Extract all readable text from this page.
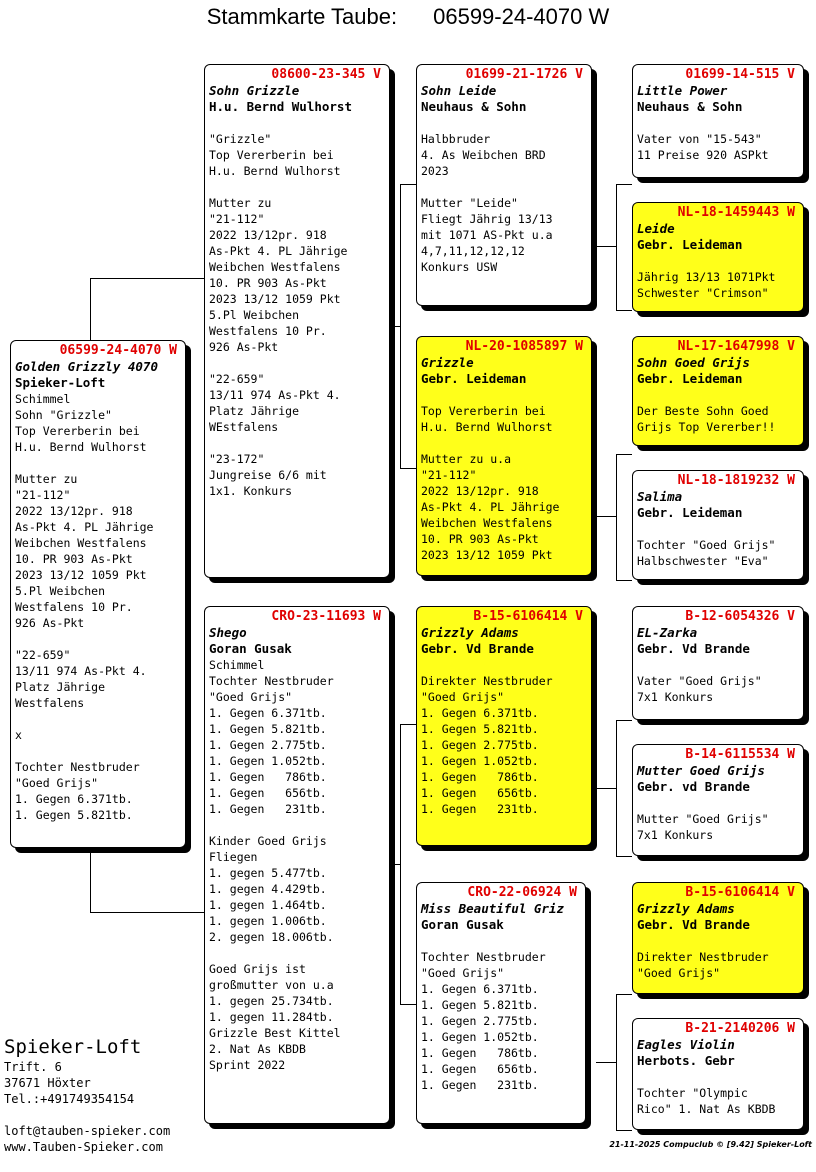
Stammkarte Taube: 06599-24-4070 W
06599-24-4070 W
Golden Grizzly 4070
Spieker-Loft
Schimmel
Sohn "Grizzle"
Top Vererberin bei
H.u. Bernd Wulhorst

Mutter zu
"21-112"
2022 13/12pr. 918
As-Pkt 4. PL Jährige
Weibchen Westfalens
10. PR 903 As-Pkt
2023 13/12 1059 Pkt
5.Pl Weibchen
Westfalens 10 Pr.
926 As-Pkt

"22-659"
13/11 974 As-Pkt 4.
Platz Jährige
Westfalens

x

Tochter Nestbruder
"Goed Grijs"
1. Gegen 6.371tb.
1. Gegen 5.821tb.
08600-23-345 V
Sohn Grizzle
H.u. Bernd Wulhorst

"Grizzle"
Top Vererberin bei
H.u. Bernd Wulhorst

Mutter zu
"21-112"
2022 13/12pr. 918
As-Pkt 4. PL Jährige
Weibchen Westfalens
10. PR 903 As-Pkt
2023 13/12 1059 Pkt
5.Pl Weibchen
Westfalens 10 Pr.
926 As-Pkt

"22-659"
13/11 974 As-Pkt 4.
Platz Jährige
WEstfalens

"23-172"
Jungreise 6/6 mit
1x1. Konkurs
CRO-23-11693 W
Shego
Goran Gusak
Schimmel
Tochter Nestbruder
"Goed Grijs"
1. Gegen 6.371tb.
1. Gegen 5.821tb.
1. Gegen 2.775tb.
1. Gegen 1.052tb.
1. Gegen   786tb.
1. Gegen   656tb.
1. Gegen   231tb.

Kinder Goed Grijs
Fliegen
1. gegen 5.477tb.
1. gegen 4.429tb.
1. gegen 1.464tb.
1. gegen 1.006tb.
2. gegen 18.006tb.

Goed Grijs ist
großmutter von u.a
1. gegen 25.734tb.
1. gegen 11.284tb.
Grizzle Best Kittel
2. Nat As KBDB
Sprint 2022
01699-21-1726 V
Sohn Leide
Neuhaus & Sohn

Halbbruder
4. As Weibchen BRD
2023

Mutter "Leide"
Fliegt Jährig 13/13
mit 1071 AS-Pkt u.a
4,7,11,12,12,12
Konkurs USW
NL-20-1085897 W
Grizzle
Gebr. Leideman

Top Vererberin bei
H.u. Bernd Wulhorst

Mutter zu u.a
"21-112"
2022 13/12pr. 918
As-Pkt 4. PL Jährige
Weibchen Westfalens
10. PR 903 As-Pkt
2023 13/12 1059 Pkt
B-15-6106414 V
Grizzly Adams
Gebr. Vd Brande

Direkter Nestbruder
"Goed Grijs"
1. Gegen 6.371tb.
1. Gegen 5.821tb.
1. Gegen 2.775tb.
1. Gegen 1.052tb.
1. Gegen   786tb.
1. Gegen   656tb.
1. Gegen   231tb.
CRO-22-06924 W
Miss Beautiful Griz
Goran Gusak

Tochter Nestbruder
"Goed Grijs"
1. Gegen 6.371tb.
1. Gegen 5.821tb.
1. Gegen 2.775tb.
1. Gegen 1.052tb.
1. Gegen   786tb.
1. Gegen   656tb.
1. Gegen   231tb.
01699-14-515 V
Little Power
Neuhaus & Sohn

Vater von "15-543"
11 Preise 920 ASPkt
NL-18-1459443 W
Leide
Gebr. Leideman

Jährig 13/13 1071Pkt
Schwester "Crimson"
NL-17-1647998 V
Sohn Goed Grijs
Gebr. Leideman

Der Beste Sohn Goed
Grijs Top Vererber!!
NL-18-1819232 W
Salima
Gebr. Leideman

Tochter "Goed Grijs"
Halbschwester "Eva"
B-12-6054326 V
EL-Zarka
Gebr. Vd Brande

Vater "Goed Grijs"
7x1 Konkurs
B-14-6115534 W
Mutter Goed Grijs
Gebr. vd Brande

Mutter "Goed Grijs"
7x1 Konkurs
B-15-6106414 V
Grizzly Adams
Gebr. Vd Brande

Direkter Nestbruder
"Goed Grijs"
B-21-2140206 W
Eagles Violin
Herbots. Gebr

Tochter "Olympic
Rico" 1. Nat As KBDB
Spieker-Loft
Trift. 6
37671 Höxter
Tel.:+491749354154
loft@tauben-spieker.com
www.Tauben-Spieker.com	21-11-2025 Compuclub © [9.42] Spieker-Loft
